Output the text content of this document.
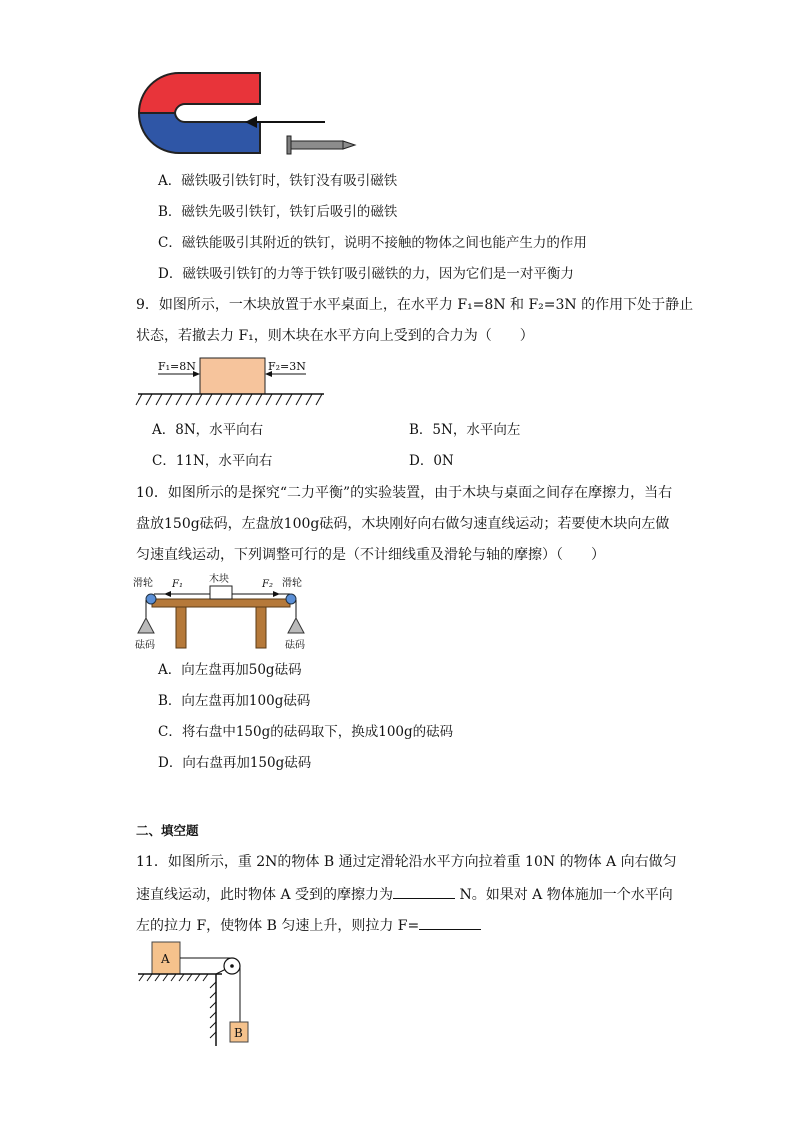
A．磁铁吸引铁钉时，铁钉没有吸引磁铁
B．磁铁先吸引铁钉，铁钉后吸引的磁铁
C．磁铁能吸引其附近的铁钉，说明不接触的物体之间也能产生力的作用
D．磁铁吸引铁钉的力等于铁钉吸引磁铁的力，因为它们是一对平衡力
9．如图所示，一木块放置于水平桌面上，在水平力 F₁=8N 和 F₂=3N 的作用下处于静止
状态，若撤去力 F₁，则木块在水平方向上受到的合力为（　　）
F₁=8N	F₂=3N
A．8N，水平向右	B．5N，水平向左
C．11N，水平向右	D．0N
10．如图所示的是探究“二力平衡”的实验装置，由于木块与桌面之间存在摩擦力，当右
盘放150g砝码，左盘放100g砝码，木块刚好向右做匀速直线运动；若要使木块向左做
匀速直线运动，下列调整可行的是（不计细线重及滑轮与轴的摩擦）（　　）
滑轮	滑轮
木块
F₁	F₂
砝码	砝码
A．向左盘再加50g砝码
B．向左盘再加100g砝码
C．将右盘中150g的砝码取下，换成100g的砝码
D．向右盘再加150g砝码
二、填空题
11．如图所示，重 2N的物体 B 通过定滑轮沿水平方向拉着重 10N 的物体 A 向右做匀
速直线运动，此时物体 A 受到的摩擦力为	N。如果对 A 物体施加一个水平向
左的拉力 F，使物体 B 匀速上升，则拉力 F=
A
B
